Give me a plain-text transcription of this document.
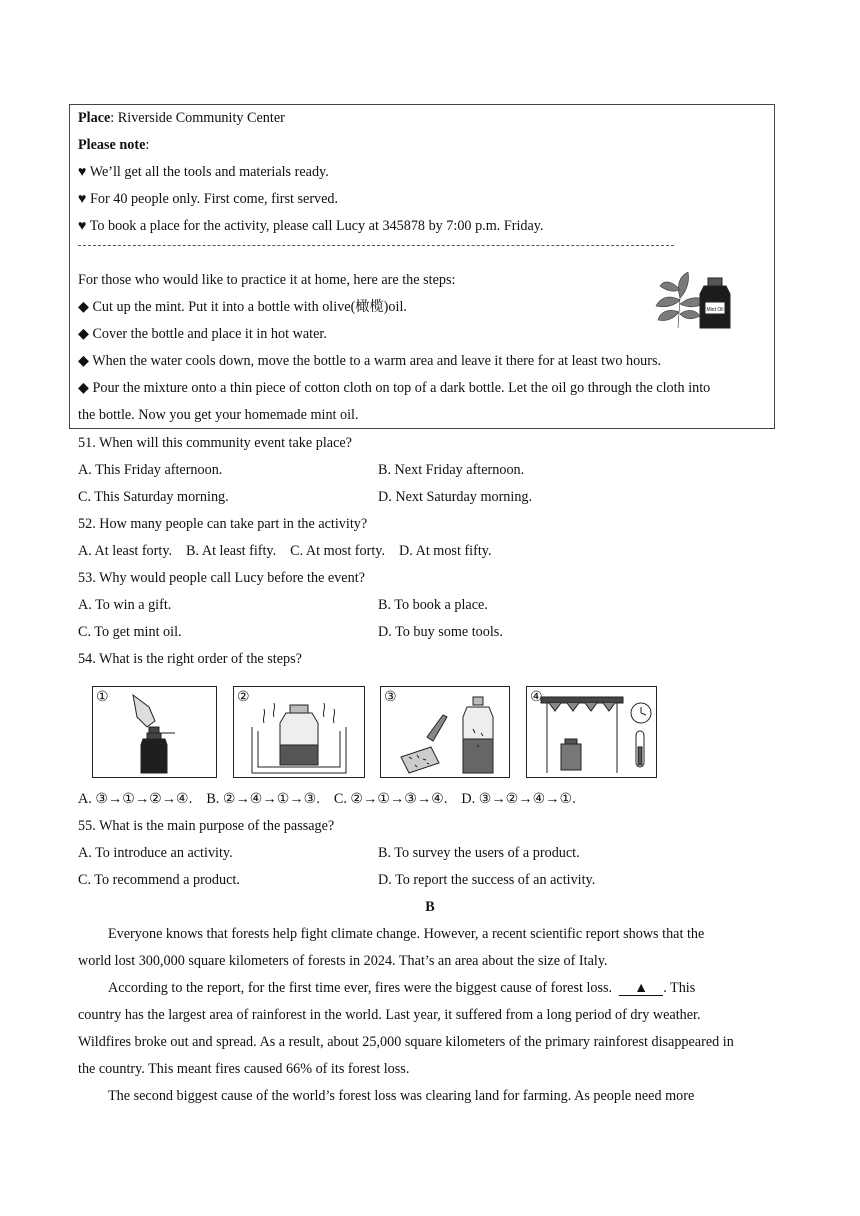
Place: Riverside Community Center
Please note:
♥ We’ll get all the tools and materials ready.
♥ For 40 people only. First come, first served.
♥ To book a place for the activity, please call Lucy at 345878 by 7:00 p.m. Friday.
For those who would like to practice it at home, here are the steps:
◆ Cut up the mint. Put it into a bottle with olive(橄榄)oil.
◆ Cover the bottle and place it in hot water.
◆ When the water cools down, move the bottle to a warm area and leave it there for at least two hours.
◆ Pour the mixture onto a thin piece of cotton cloth on top of a dark bottle. Let the oil go through the cloth into
the bottle. Now you get your homemade mint oil.
Mint Oil
51. When will this community event take place?
A. This Friday afternoon.	B. Next Friday afternoon.
C. This Saturday morning.	D. Next Saturday morning.
52. How many people can take part in the activity?
A. At least forty. B. At least fifty. C. At most forty. D. At most fifty.
53. Why would people call Lucy before the event?
A. To win a gift.	B. To book a place.
C. To get mint oil.	D. To buy some tools.
54. What is the right order of the steps?
①	②	③	④
A. ③→①→②→④. B. ②→④→①→③. C. ②→①→③→④. D. ③→②→④→①.
55. What is the main purpose of the passage?
A. To introduce an activity.	B. To survey the users of a product.
C. To recommend a product.	D. To report the success of an activity.
B
Everyone knows that forests help fight climate change. However, a recent scientific report shows that the
world lost 300,000 square kilometers of forests in 2024. That’s an area about the size of Italy.
According to the report, for the first time ever, fires were the biggest cause of forest loss. ▲ . This
country has the largest area of rainforest in the world. Last year, it suffered from a long period of dry weather.
Wildfires broke out and spread. As a result, about 25,000 square kilometers of the primary rainforest disappeared in
the country. This meant fires caused 66% of its forest loss.
The second biggest cause of the world’s forest loss was clearing land for farming. As people need more
